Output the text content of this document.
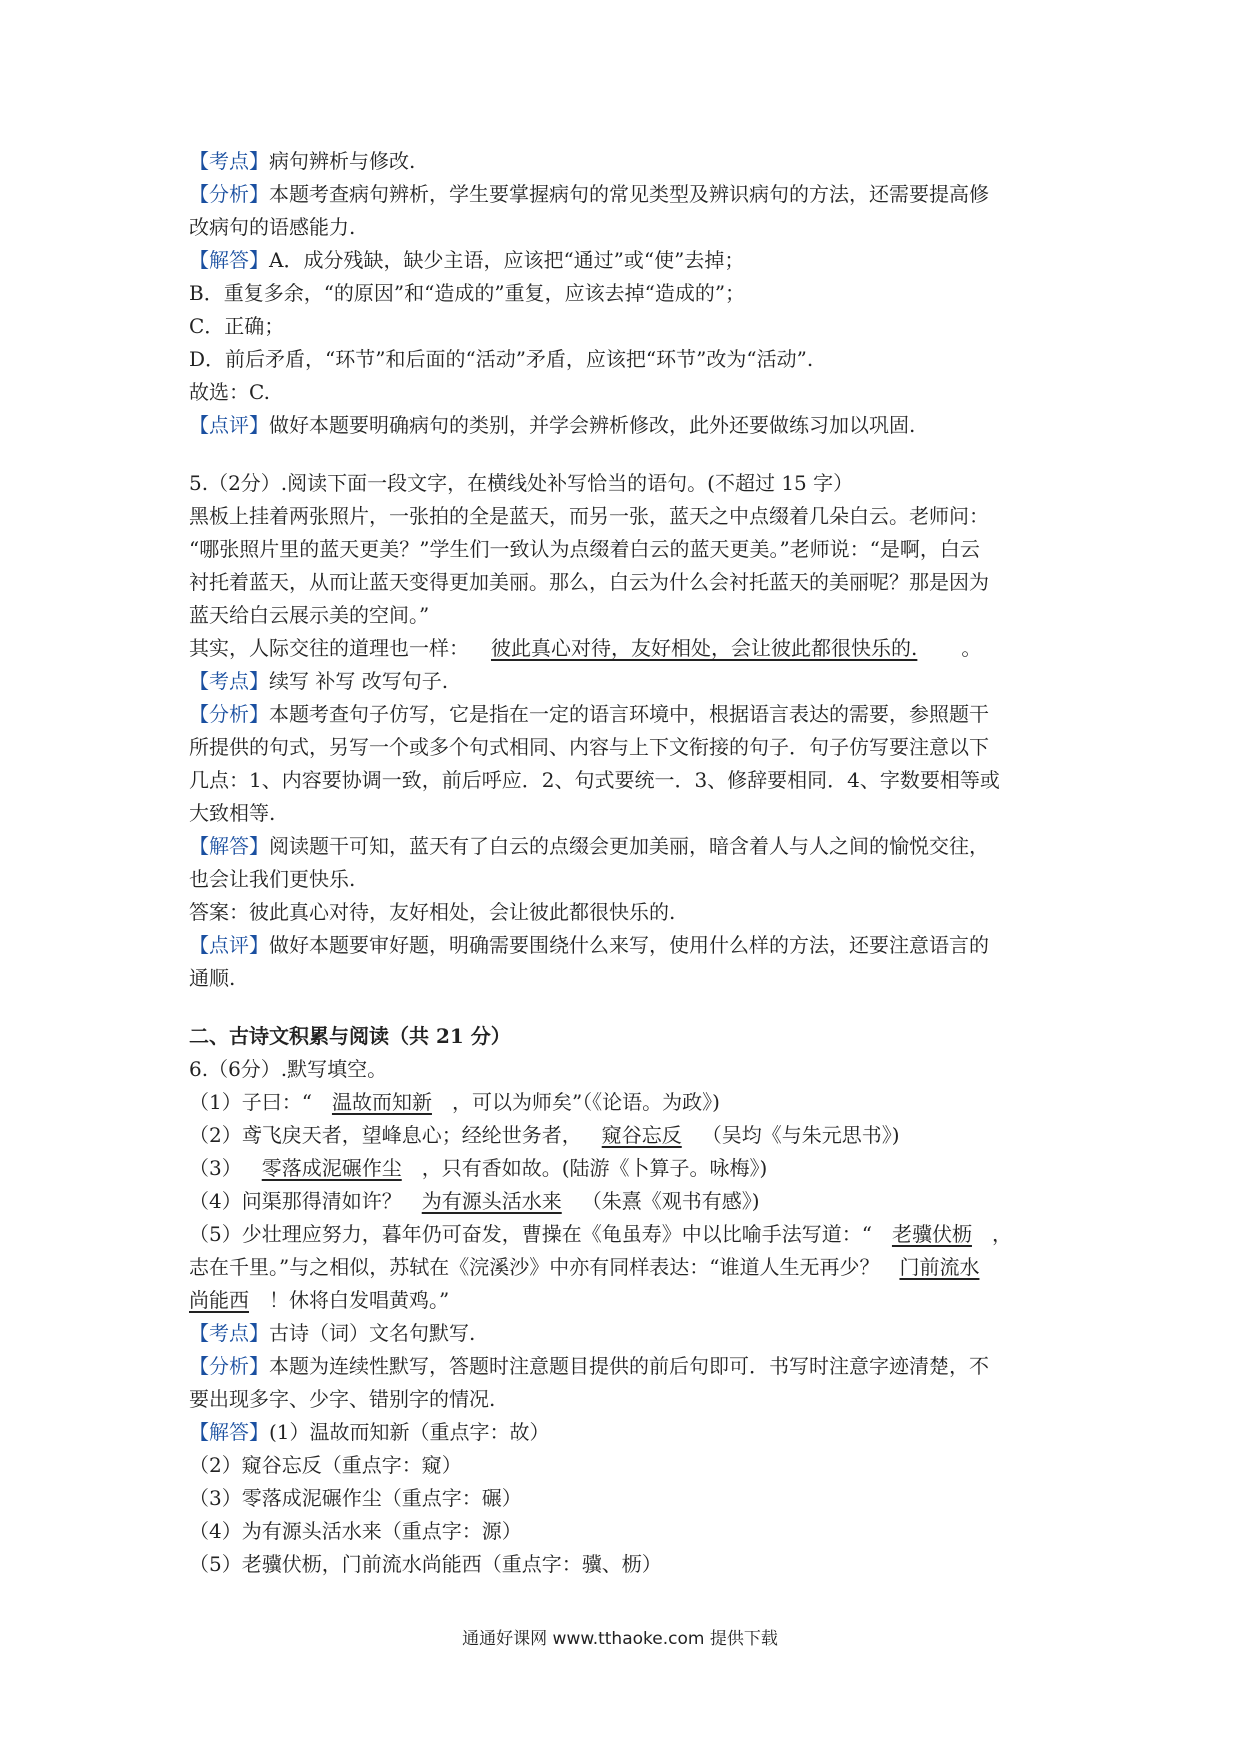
【考点】病句辨析与修改.
【分析】本题考查病句辨析，学生要掌握病句的常见类型及辨识病句的方法，还需要提高修
改病句的语感能力.
【解答】A．成分残缺，缺少主语，应该把“通过”或“使”去掉；
B．重复多余，“的原因”和“造成的”重复，应该去掉“造成的”；
C．正确；
D．前后矛盾，“环节”和后面的“活动”矛盾，应该把“环节”改为“活动”.
故选：C.
【点评】做好本题要明确病句的类别，并学会辨析修改，此外还要做练习加以巩固.
5.（2分）.阅读下面一段文字，在横线处补写恰当的语句。(不超过 15 字）
黑板上挂着两张照片，一张拍的全是蓝天，而另一张，蓝天之中点缀着几朵白云。老师问：
“哪张照片里的蓝天更美？”学生们一致认为点缀着白云的蓝天更美。”老师说：“是啊，白云
衬托着蓝天，从而让蓝天变得更加美丽。那么，白云为什么会衬托蓝天的美丽呢？那是因为
蓝天给白云展示美的空间。”
其实，人际交往的道理也一样： 彼此真心对待，友好相处，会让彼此都很快乐的. 。
【考点】续写 补写 改写句子.
【分析】本题考查句子仿写，它是指在一定的语言环境中，根据语言表达的需要，参照题干
所提供的句式，另写一个或多个句式相同、内容与上下文衔接的句子．句子仿写要注意以下
几点：1、内容要协调一致，前后呼应．2、句式要统一．3、修辞要相同．4、字数要相等或
大致相等.
【解答】阅读题干可知，蓝天有了白云的点缀会更加美丽，暗含着人与人之间的愉悦交往，
也会让我们更快乐.
答案：彼此真心对待，友好相处，会让彼此都很快乐的.
【点评】做好本题要审好题，明确需要围绕什么来写，使用什么样的方法，还要注意语言的
通顺.
二、古诗文积累与阅读（共 21 分）
6.（6分）.默写填空。
（1）子曰：“ 温故而知新 ，可以为师矣”（《论语。为政》)
（2）鸢飞戾天者，望峰息心；经纶世务者， 窥谷忘反 （吴均《与朱元思书》)
（3） 零落成泥碾作尘 ，只有香如故。(陆游《卜算子。咏梅》)
（4）问渠那得清如许？ 为有源头活水来 （朱熹《观书有感》)
（5）少壮理应努力，暮年仍可奋发，曹操在《龟虽寿》中以比喻手法写道：“ 老骥伏枥 ，
志在千里。”与之相似，苏轼在《浣溪沙》中亦有同样表达：“谁道人生无再少？ 门前流水
尚能西 ！休将白发唱黄鸡。”
【考点】古诗（词）文名句默写.
【分析】本题为连续性默写，答题时注意题目提供的前后句即可．书写时注意字迹清楚，不
要出现多字、少字、错别字的情况.
【解答】(1）温故而知新（重点字：故）
（2）窥谷忘反（重点字：窥）
（3）零落成泥碾作尘（重点字：碾）
（4）为有源头活水来（重点字：源）
（5）老骥伏枥，门前流水尚能西（重点字：骥、枥）
通通好课网 www.tthaoke.com 提供下载
